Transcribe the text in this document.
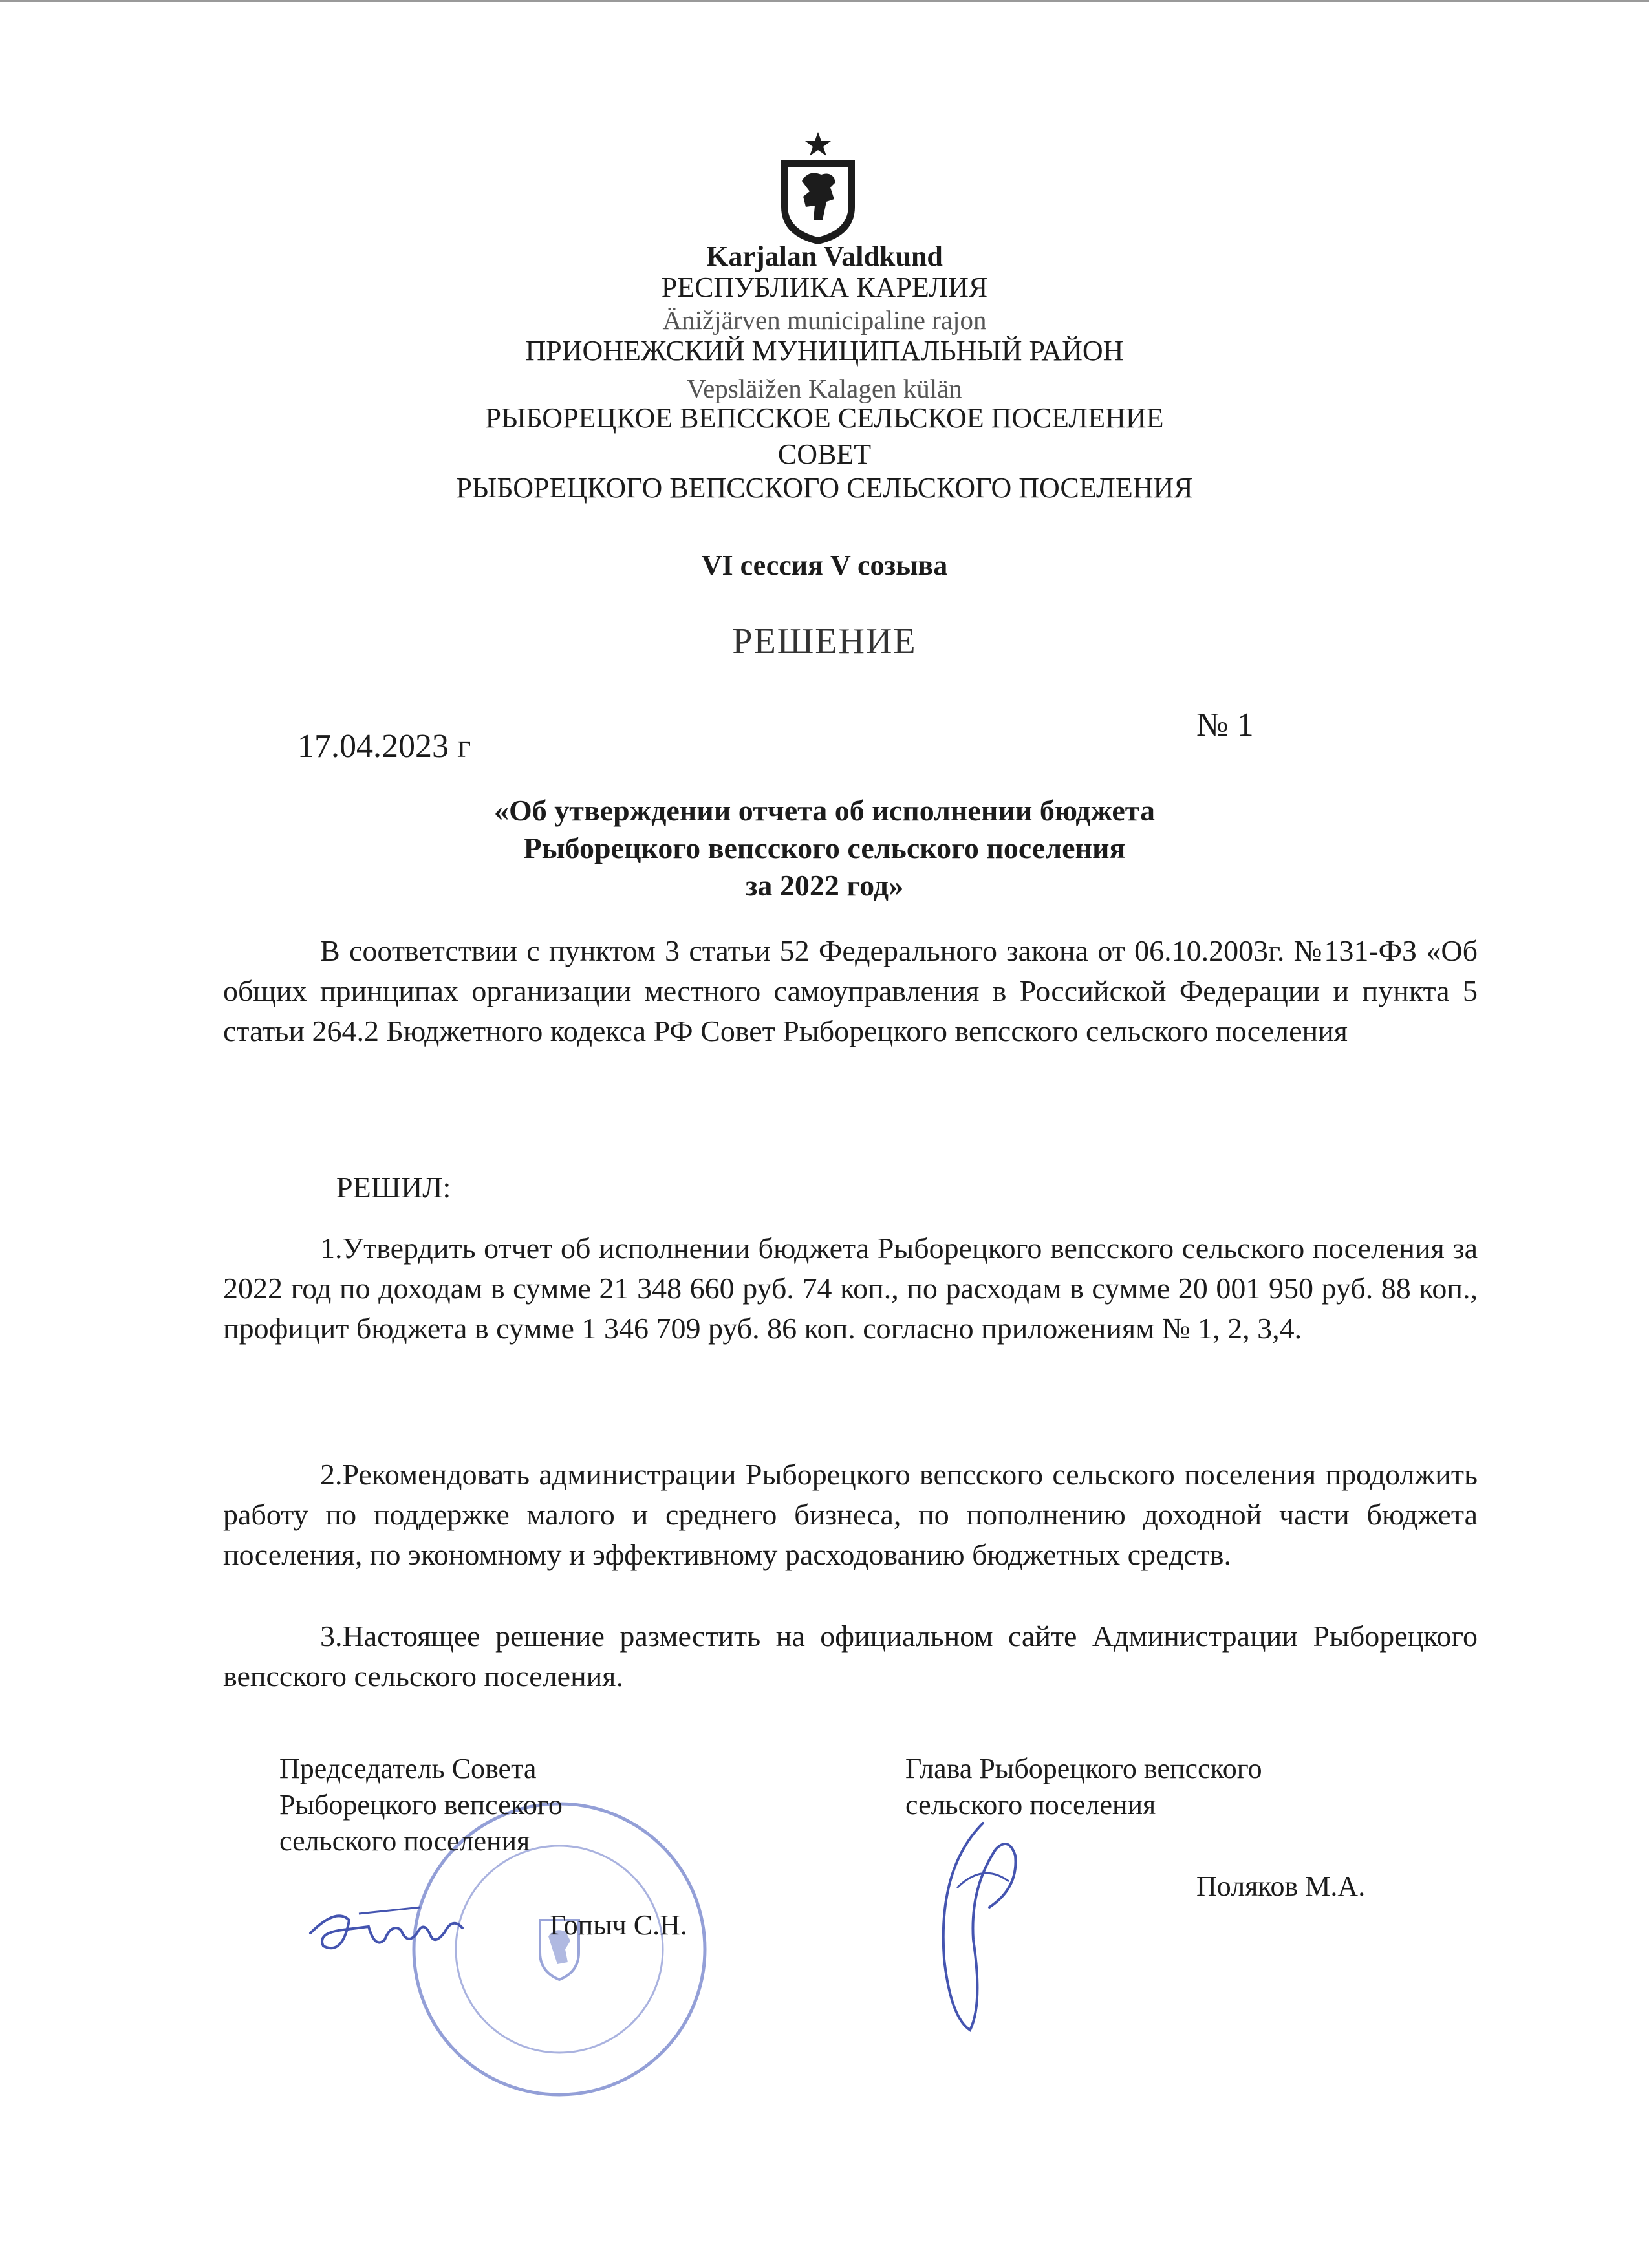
Karjalan Valdkund
РЕСПУБЛИКА КАРЕЛИЯ
Änižjärven municipaline rajon
ПРИОНЕЖСКИЙ МУНИЦИПАЛЬНЫЙ РАЙОН
Vepsläižen Kalagen külän
РЫБОРЕЦКОЕ ВЕПССКОЕ СЕЛЬСКОЕ ПОСЕЛЕНИЕ
СОВЕТ
РЫБОРЕЦКОГО ВЕПССКОГО СЕЛЬСКОГО ПОСЕЛЕНИЯ
VI сессия V созыва
РЕШЕНИЕ
17.04.2023 г
№ 1
«Об утверждении отчета об исполнении бюджета
Рыборецкого вепсского сельского поселения
за 2022 год»
В соответствии с пунктом 3 статьи 52 Федерального закона от 06.10.2003г. №131-ФЗ «Об общих принципах организации местного самоуправления в Российской Федерации и пункта 5 статьи 264.2 Бюджетного кодекса РФ Совет Рыборецкого вепсского сельского поселения
РЕШИЛ:
1.Утвердить отчет об исполнении бюджета Рыборецкого вепсского сельского поселения за 2022 год по доходам в сумме 21 348 660 руб. 74 коп., по расходам в сумме 20 001 950 руб. 88 коп., профицит бюджета в сумме 1 346 709 руб. 86 коп. согласно приложениям № 1, 2, 3,4.
2.Рекомендовать администрации Рыборецкого вепсского сельского поселения продолжить работу по поддержке малого и среднего бизнеса, по пополнению доходной части бюджета поселения, по экономному и эффективному расходованию бюджетных средств.
3.Настоящее решение разместить на официальном сайте Администрации Рыборецкого вепсского сельского поселения.
Председатель Совета
Рыборецкого вепсекого
сельского поселения
Гопыч С.Н.
Глава Рыборецкого вепсского
сельского поселения
Поляков М.А.
